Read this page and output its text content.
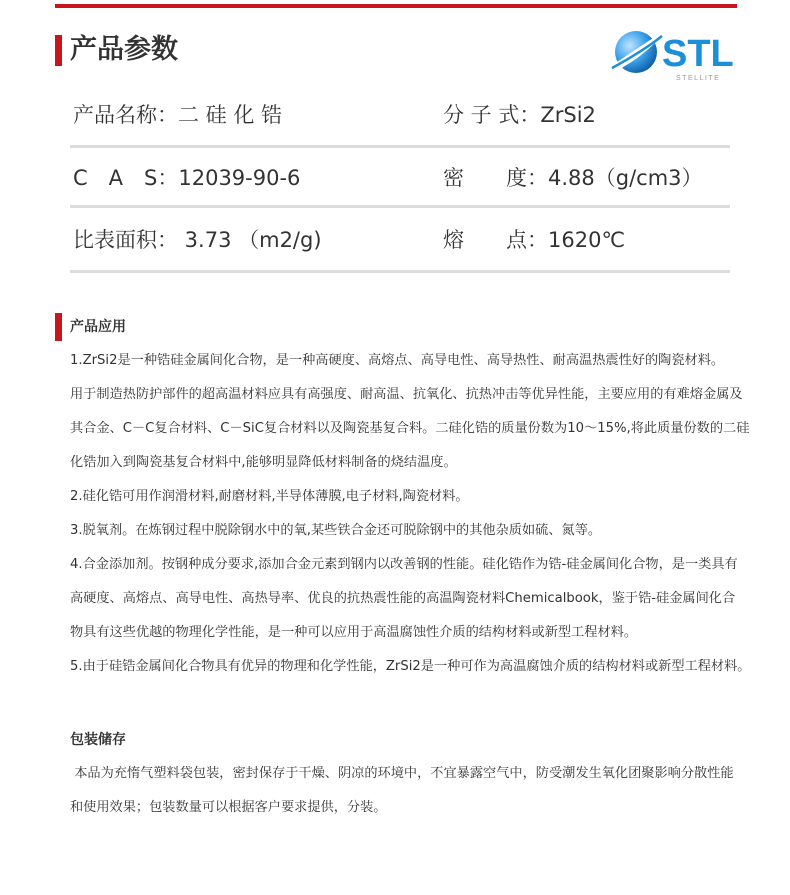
产品参数	STL
STELLITE
产品名称：二 硅 化 锆	分 子 式：ZrSi2
C　A　S：12039-90-6	密　　度：4.88（g/cm3）
比表面积： 3.73 （m2/g)	熔　　点：1620℃
产品应用

1.ZrSi2是一种锆硅金属间化合物，是一种高硬度、高熔点、高导电性、高导热性、耐高温热震性好的陶瓷材料。

用于制造热防护部件的超高温材料应具有高强度、耐高温、抗氧化、抗热冲击等优异性能，主要应用的有难熔金属及

其合金、C－C复合材料、C－SiC复合材料以及陶瓷基复合料。二硅化锆的质量份数为10～15%,将此质量份数的二硅

化锆加入到陶瓷基复合材料中,能够明显降低材料制备的烧结温度。

2.硅化锆可用作润滑材料,耐磨材料,半导体薄膜,电子材料,陶瓷材料。

3.脱氧剂。在炼钢过程中脱除钢水中的氧,某些铁合金还可脱除钢中的其他杂质如硫、氮等。

4.合金添加剂。按钢种成分要求,添加合金元素到钢内以改善钢的性能。硅化锆作为锆-硅金属间化合物，是一类具有

高硬度、高熔点、高导电性、高热导率、优良的抗热震性能的高温陶瓷材料Chemicalbook，鉴于锆-硅金属间化合

物具有这些优越的物理化学性能，是一种可以应用于高温腐蚀性介质的结构材料或新型工程材料。

5.由于硅锆金属间化合物具有优异的物理和化学性能，ZrSi2是一种可作为高温腐蚀介质的结构材料或新型工程材料。

包装储存

本品为充惰气塑料袋包装，密封保存于干燥、阴凉的环境中，不宜暴露空气中，防受潮发生氧化团聚影响分散性能

和使用效果；包装数量可以根据客户要求提供，分装。
